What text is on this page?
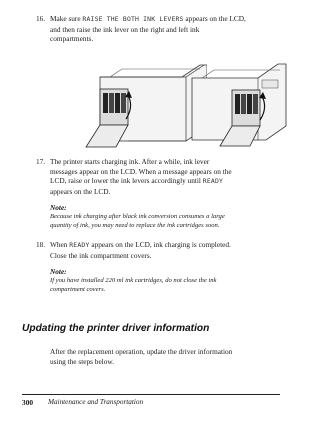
16. Make sure RAISE THE BOTH INK LEVERS appears on the LCD,
and then raise the ink lever on the right and left ink
compartments.
17. The printer starts charging ink. After a while, ink lever
messages appear on the LCD. When a message appears on the
LCD, raise or lower the ink levers accordingly until READY
appears on the LCD.
Note:
Because ink charging after black ink conversion consumes a large
quantity of ink, you may need to replace the ink cartridges soon.
18. When READY appears on the LCD, ink charging is completed.
Close the ink compartment covers.
Note:
If you have installed 220 ml ink cartridges, do not close the ink
compartment covers.
Updating the printer driver information
After the replacement operation, update the driver information
using the steps below.
300 Maintenance and Transportation
